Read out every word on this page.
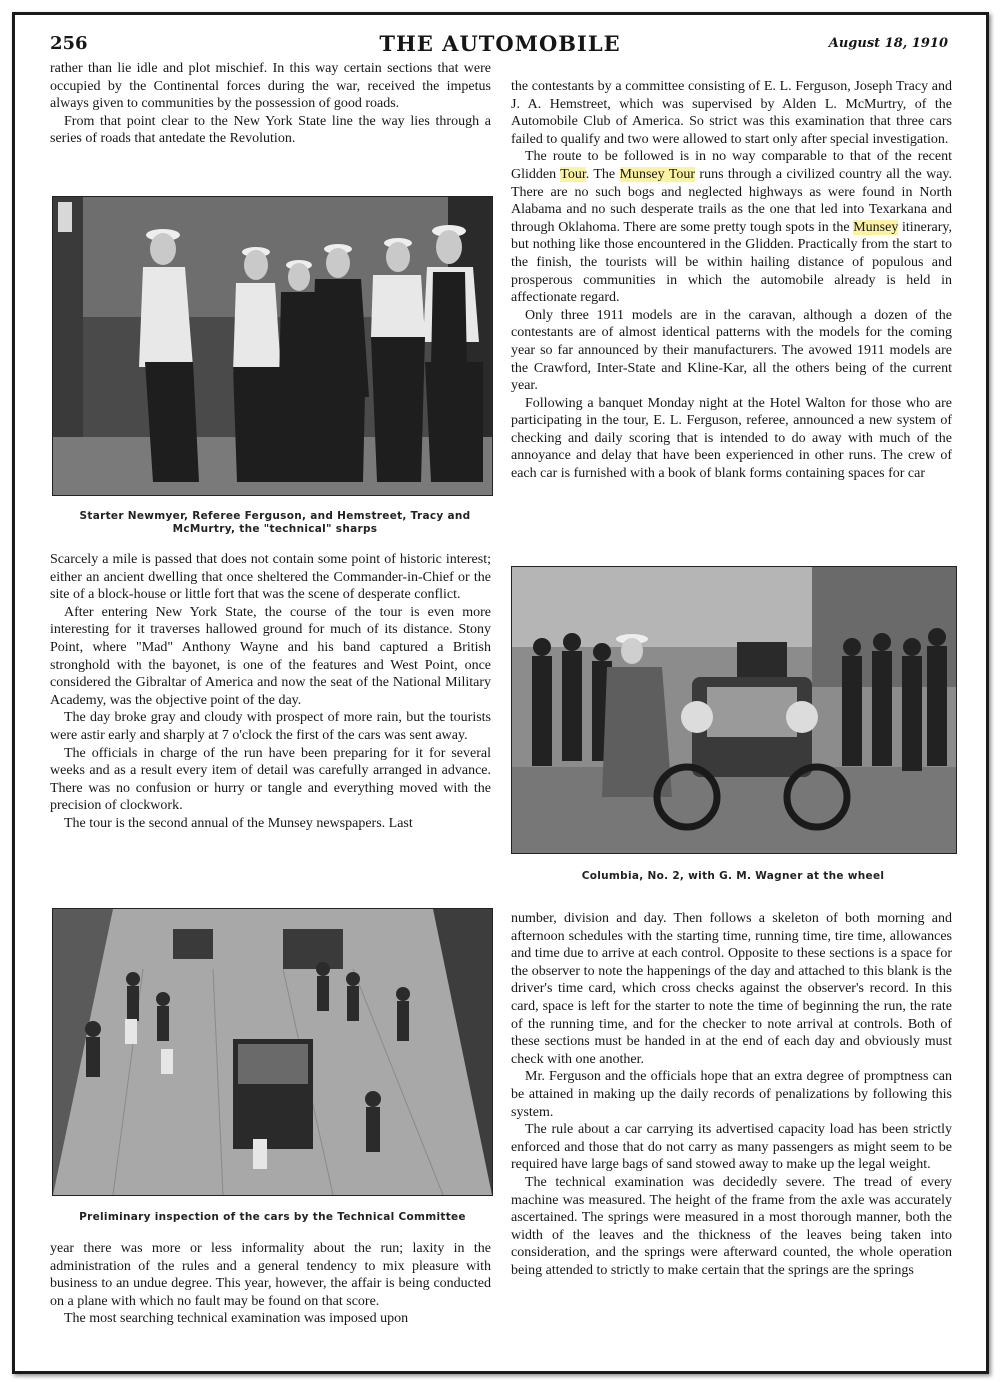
256	THE AUTOMOBILE	August 18, 1910

rather than lie idle and plot mischief. In this way certain sections that were occupied by the Continental forces during the war, received the impetus always given to communities by the possession of good roads.

From that point clear to the New York State line the way lies through a series of roads that antedate the Revolution.

Starter Newmyer, Referee Ferguson, and Hemstreet, Tracy and McMurtry, the "technical" sharps

Scarcely a mile is passed that does not contain some point of historic interest; either an ancient dwelling that once sheltered the Commander-in-Chief or the site of a block-house or little fort that was the scene of desperate conflict.

After entering New York State, the course of the tour is even more interesting for it traverses hallowed ground for much of its distance. Stony Point, where "Mad" Anthony Wayne and his band captured a British stronghold with the bayonet, is one of the features and West Point, once considered the Gibraltar of America and now the seat of the National Military Academy, was the objective point of the day.

The day broke gray and cloudy with prospect of more rain, but the tourists were astir early and sharply at 7 o'clock the first of the cars was sent away.

The officials in charge of the run have been preparing for it for several weeks and as a result every item of detail was carefully arranged in advance. There was no confusion or hurry or tangle and everything moved with the precision of clockwork.

The tour is the second annual of the Munsey newspapers. Last

Preliminary inspection of the cars by the Technical Committee

year there was more or less informality about the run; laxity in the administration of the rules and a general tendency to mix pleasure with business to an undue degree. This year, however, the affair is being conducted on a plane with which no fault may be found on that score.

The most searching technical examination was imposed upon

the contestants by a committee consisting of E. L. Ferguson, Joseph Tracy and J. A. Hemstreet, which was supervised by Alden L. McMurtry, of the Automobile Club of America. So strict was this examination that three cars failed to qualify and two were allowed to start only after special investigation.

The route to be followed is in no way comparable to that of the recent Glidden Tour. The Munsey Tour runs through a civilized country all the way. There are no such bogs and neglected highways as were found in North Alabama and no such desperate trails as the one that led into Texarkana and through Oklahoma. There are some pretty tough spots in the Munsey itinerary, but nothing like those encountered in the Glidden. Practically from the start to the finish, the tourists will be within hailing distance of populous and prosperous communities in which the automobile already is held in affectionate regard.

Only three 1911 models are in the caravan, although a dozen of the contestants are of almost identical patterns with the models for the coming year so far announced by their manufacturers. The avowed 1911 models are the Crawford, Inter-State and Kline-Kar, all the others being of the current year.

Following a banquet Monday night at the Hotel Walton for those who are participating in the tour, E. L. Ferguson, referee, announced a new system of checking and daily scoring that is intended to do away with much of the annoyance and delay that have been experienced in other runs. The crew of each car is furnished with a book of blank forms containing spaces for car

Columbia, No. 2, with G. M. Wagner at the wheel

number, division and day. Then follows a skeleton of both morning and afternoon schedules with the starting time, running time, tire time, allowances and time due to arrive at each control. Opposite to these sections is a space for the observer to note the happenings of the day and attached to this blank is the driver's time card, which cross checks against the observer's record. In this card, space is left for the starter to note the time of beginning the run, the rate of the running time, and for the checker to note arrival at controls. Both of these sections must be handed in at the end of each day and obviously must check with one another.

Mr. Ferguson and the officials hope that an extra degree of promptness can be attained in making up the daily records of penalizations by following this system.

The rule about a car carrying its advertised capacity load has been strictly enforced and those that do not carry as many passengers as might seem to be required have large bags of sand stowed away to make up the legal weight.

The technical examination was decidedly severe. The tread of every machine was measured. The height of the frame from the axle was accurately ascertained. The springs were measured in a most thorough manner, both the width of the leaves and the thickness of the leaves being taken into consideration, and the springs were afterward counted, the whole operation being attended to strictly to make certain that the springs are the springs
